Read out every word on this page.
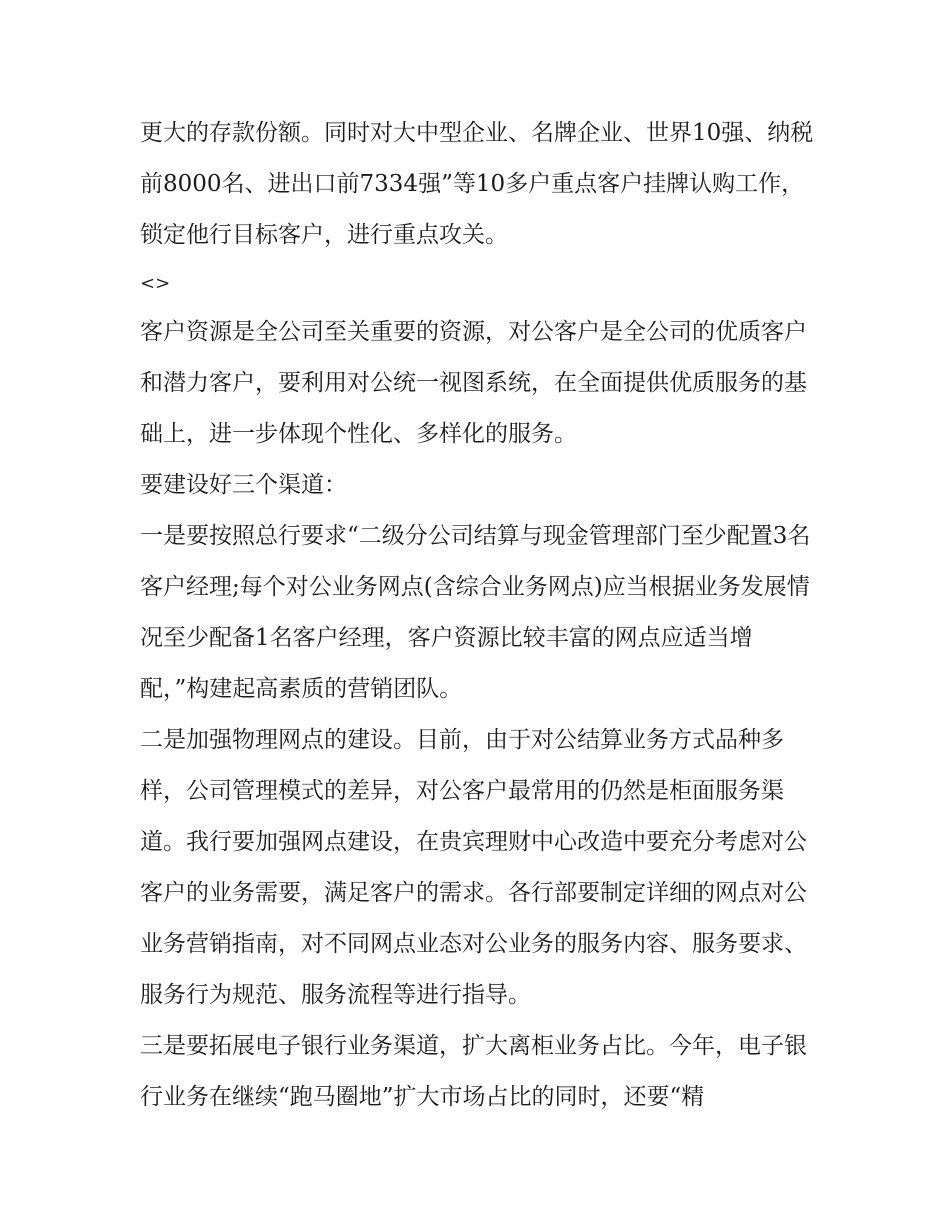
更大的存款份额。同时对大中型企业、名牌企业、世界10强、纳税前8000名、进出口前7334强”等10多户重点客户挂牌认购工作，锁定他行目标客户，进行重点攻关。

<>

客户资源是全公司至关重要的资源，对公客户是全公司的优质客户和潜力客户，要利用对公统一视图系统，在全面提供优质服务的基础上，进一步体现个性化、多样化的服务。

要建设好三个渠道：

一是要按照总行要求“二级分公司结算与现金管理部门至少配置3名客户经理;每个对公业务网点(含综合业务网点)应当根据业务发展情况至少配备1名客户经理，客户资源比较丰富的网点应适当增配，”构建起高素质的营销团队。

二是加强物理网点的建设。目前，由于对公结算业务方式品种多样，公司管理模式的差异，对公客户最常用的仍然是柜面服务渠道。我行要加强网点建设，在贵宾理财中心改造中要充分考虑对公客户的业务需要，满足客户的需求。各行部要制定详细的网点对公业务营销指南，对不同网点业态对公业务的服务内容、服务要求、服务行为规范、服务流程等进行指导。

三是要拓展电子银行业务渠道，扩大离柜业务占比。今年，电子银行业务在继续“跑马圈地”扩大市场占比的同时，还要“精
